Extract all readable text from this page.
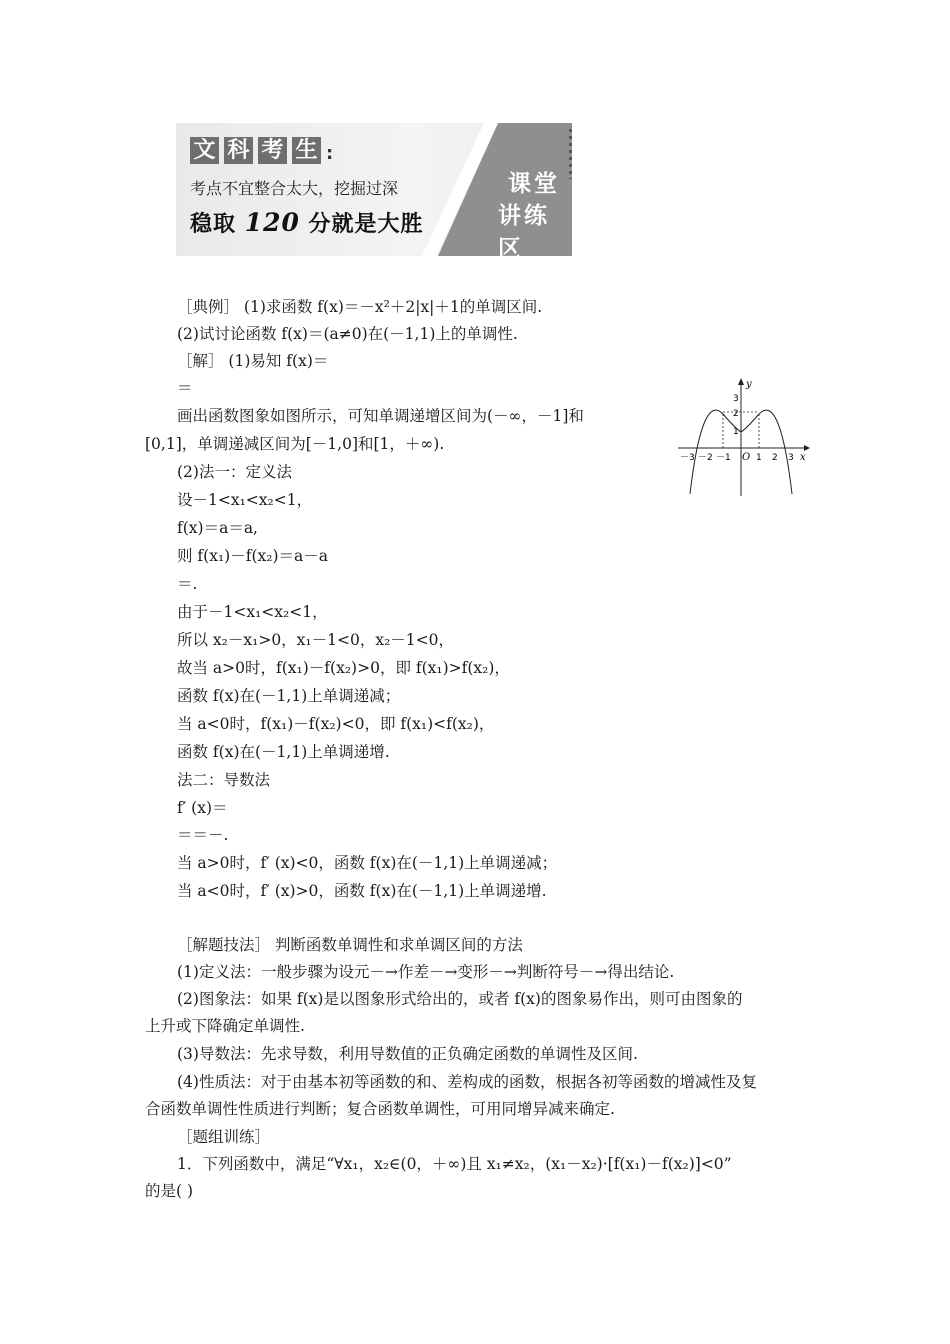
文 科 考 生 :
考点不宜整合太大，挖掘过深
稳取 120 分就是大胜
课堂
讲练区
［典例］ (1)求函数 f(x)＝－x²＋2|x|＋1的单调区间.
(2)试讨论函数 f(x)＝(a≠0)在(－1,1)上的单调性.
［解］ (1)易知 f(x)＝
＝
画出函数图象如图所示，可知单调递增区间为(－∞，－1]和
[0,1]，单调递减区间为[－1,0]和[1，＋∞).
(2)法一：定义法
设－1<x₁<x₂<1，
f(x)＝a＝a,
则 f(x₁)－f(x₂)＝a－a
＝.
由于－1<x₁<x₂<1，
所以 x₂－x₁>0，x₁－1<0，x₂－1<0，
故当 a>0时，f(x₁)－f(x₂)>0，即 f(x₁)>f(x₂)，
函数 f(x)在(－1,1)上单调递减；
当 a<0时，f(x₁)－f(x₂)<0，即 f(x₁)<f(x₂)，
函数 f(x)在(－1,1)上单调递增.
法二：导数法
f′ (x)＝
＝＝－.
当 a>0时，f′ (x)<0，函数 f(x)在(－1,1)上单调递减；
当 a<0时，f′ (x)>0，函数 f(x)在(－1,1)上单调递增.
［解题技法］ 判断函数单调性和求单调区间的方法
(1)定义法：一般步骤为设元－→作差－→变形－→判断符号－→得出结论.
(2)图象法：如果 f(x)是以图象形式给出的，或者 f(x)的图象易作出，则可由图象的
上升或下降确定单调性.
(3)导数法：先求导数，利用导数值的正负确定函数的单调性及区间.
(4)性质法：对于由基本初等函数的和、差构成的函数，根据各初等函数的增减性及复
合函数单调性性质进行判断；复合函数单调性，可用同增异减来确定.
［题组训练］
1．下列函数中，满足“∀x₁，x₂∈(0，＋∞)且 x₁≠x₂，(x₁－x₂)·[f(x₁)－f(x₂)]<0”
的是( )
y
x
O
－3 －2 －1	1 2 3
3
2
1
